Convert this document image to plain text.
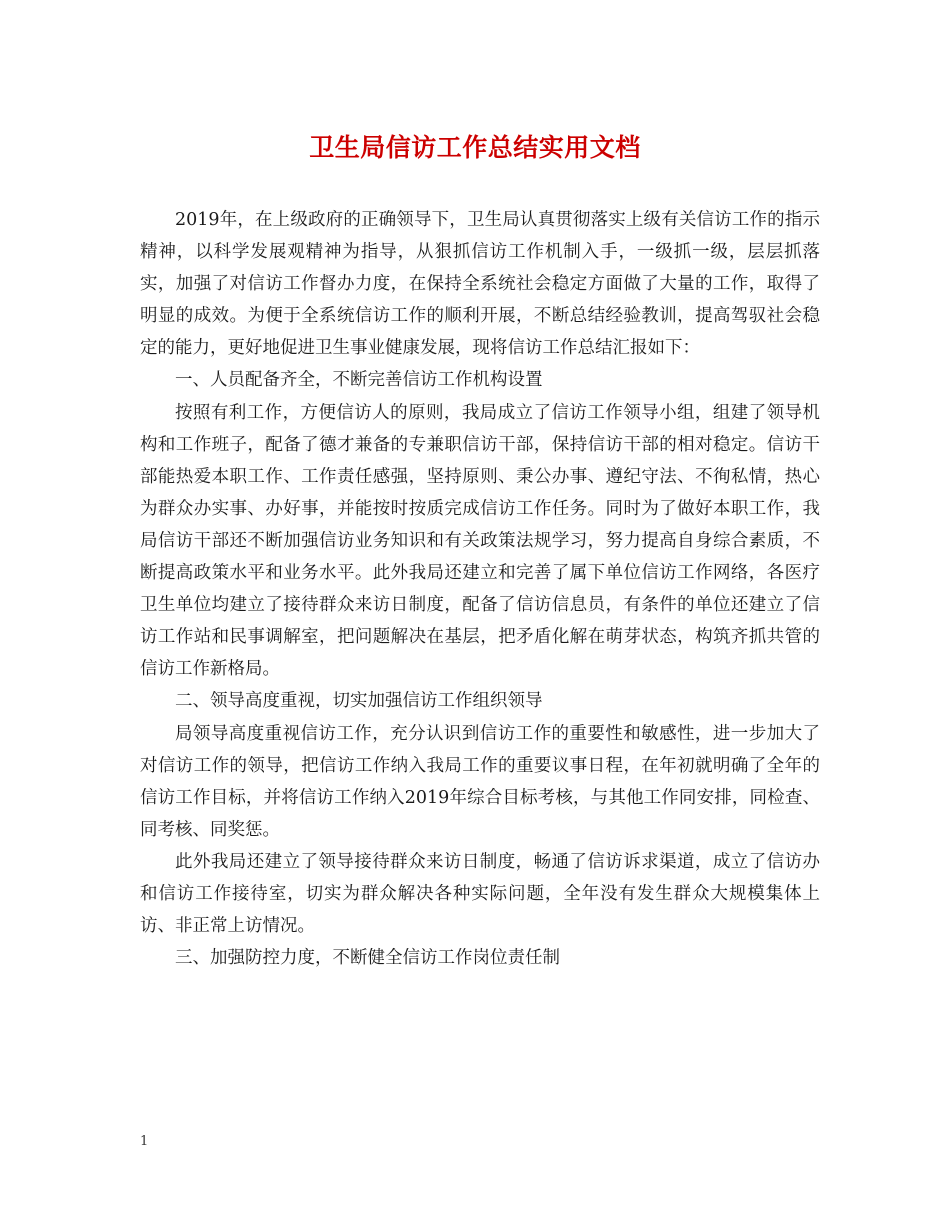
卫生局信访工作总结实用文档

2019年，在上级政府的正确领导下，卫生局认真贯彻落实上级有关信访工作的指示精神，以科学发展观精神为指导，从狠抓信访工作机制入手，一级抓一级，层层抓落实，加强了对信访工作督办力度，在保持全系统社会稳定方面做了大量的工作，取得了明显的成效。为便于全系统信访工作的顺利开展，不断总结经验教训，提高驾驭社会稳定的能力，更好地促进卫生事业健康发展，现将信访工作总结汇报如下：

一、人员配备齐全，不断完善信访工作机构设置

按照有利工作，方便信访人的原则，我局成立了信访工作领导小组，组建了领导机构和工作班子，配备了德才兼备的专兼职信访干部，保持信访干部的相对稳定。信访干部能热爱本职工作、工作责任感强，坚持原则、秉公办事、遵纪守法、不徇私情，热心为群众办实事、办好事，并能按时按质完成信访工作任务。同时为了做好本职工作，我局信访干部还不断加强信访业务知识和有关政策法规学习，努力提高自身综合素质，不断提高政策水平和业务水平。此外我局还建立和完善了属下单位信访工作网络，各医疗卫生单位均建立了接待群众来访日制度，配备了信访信息员，有条件的单位还建立了信访工作站和民事调解室，把问题解决在基层，把矛盾化解在萌芽状态，构筑齐抓共管的信访工作新格局。

二、领导高度重视，切实加强信访工作组织领导

局领导高度重视信访工作，充分认识到信访工作的重要性和敏感性，进一步加大了对信访工作的领导，把信访工作纳入我局工作的重要议事日程，在年初就明确了全年的信访工作目标，并将信访工作纳入2019年综合目标考核，与其他工作同安排，同检查、同考核、同奖惩。

此外我局还建立了领导接待群众来访日制度，畅通了信访诉求渠道，成立了信访办和信访工作接待室，切实为群众解决各种实际问题，全年没有发生群众大规模集体上访、非正常上访情况。

三、加强防控力度，不断健全信访工作岗位责任制

1
